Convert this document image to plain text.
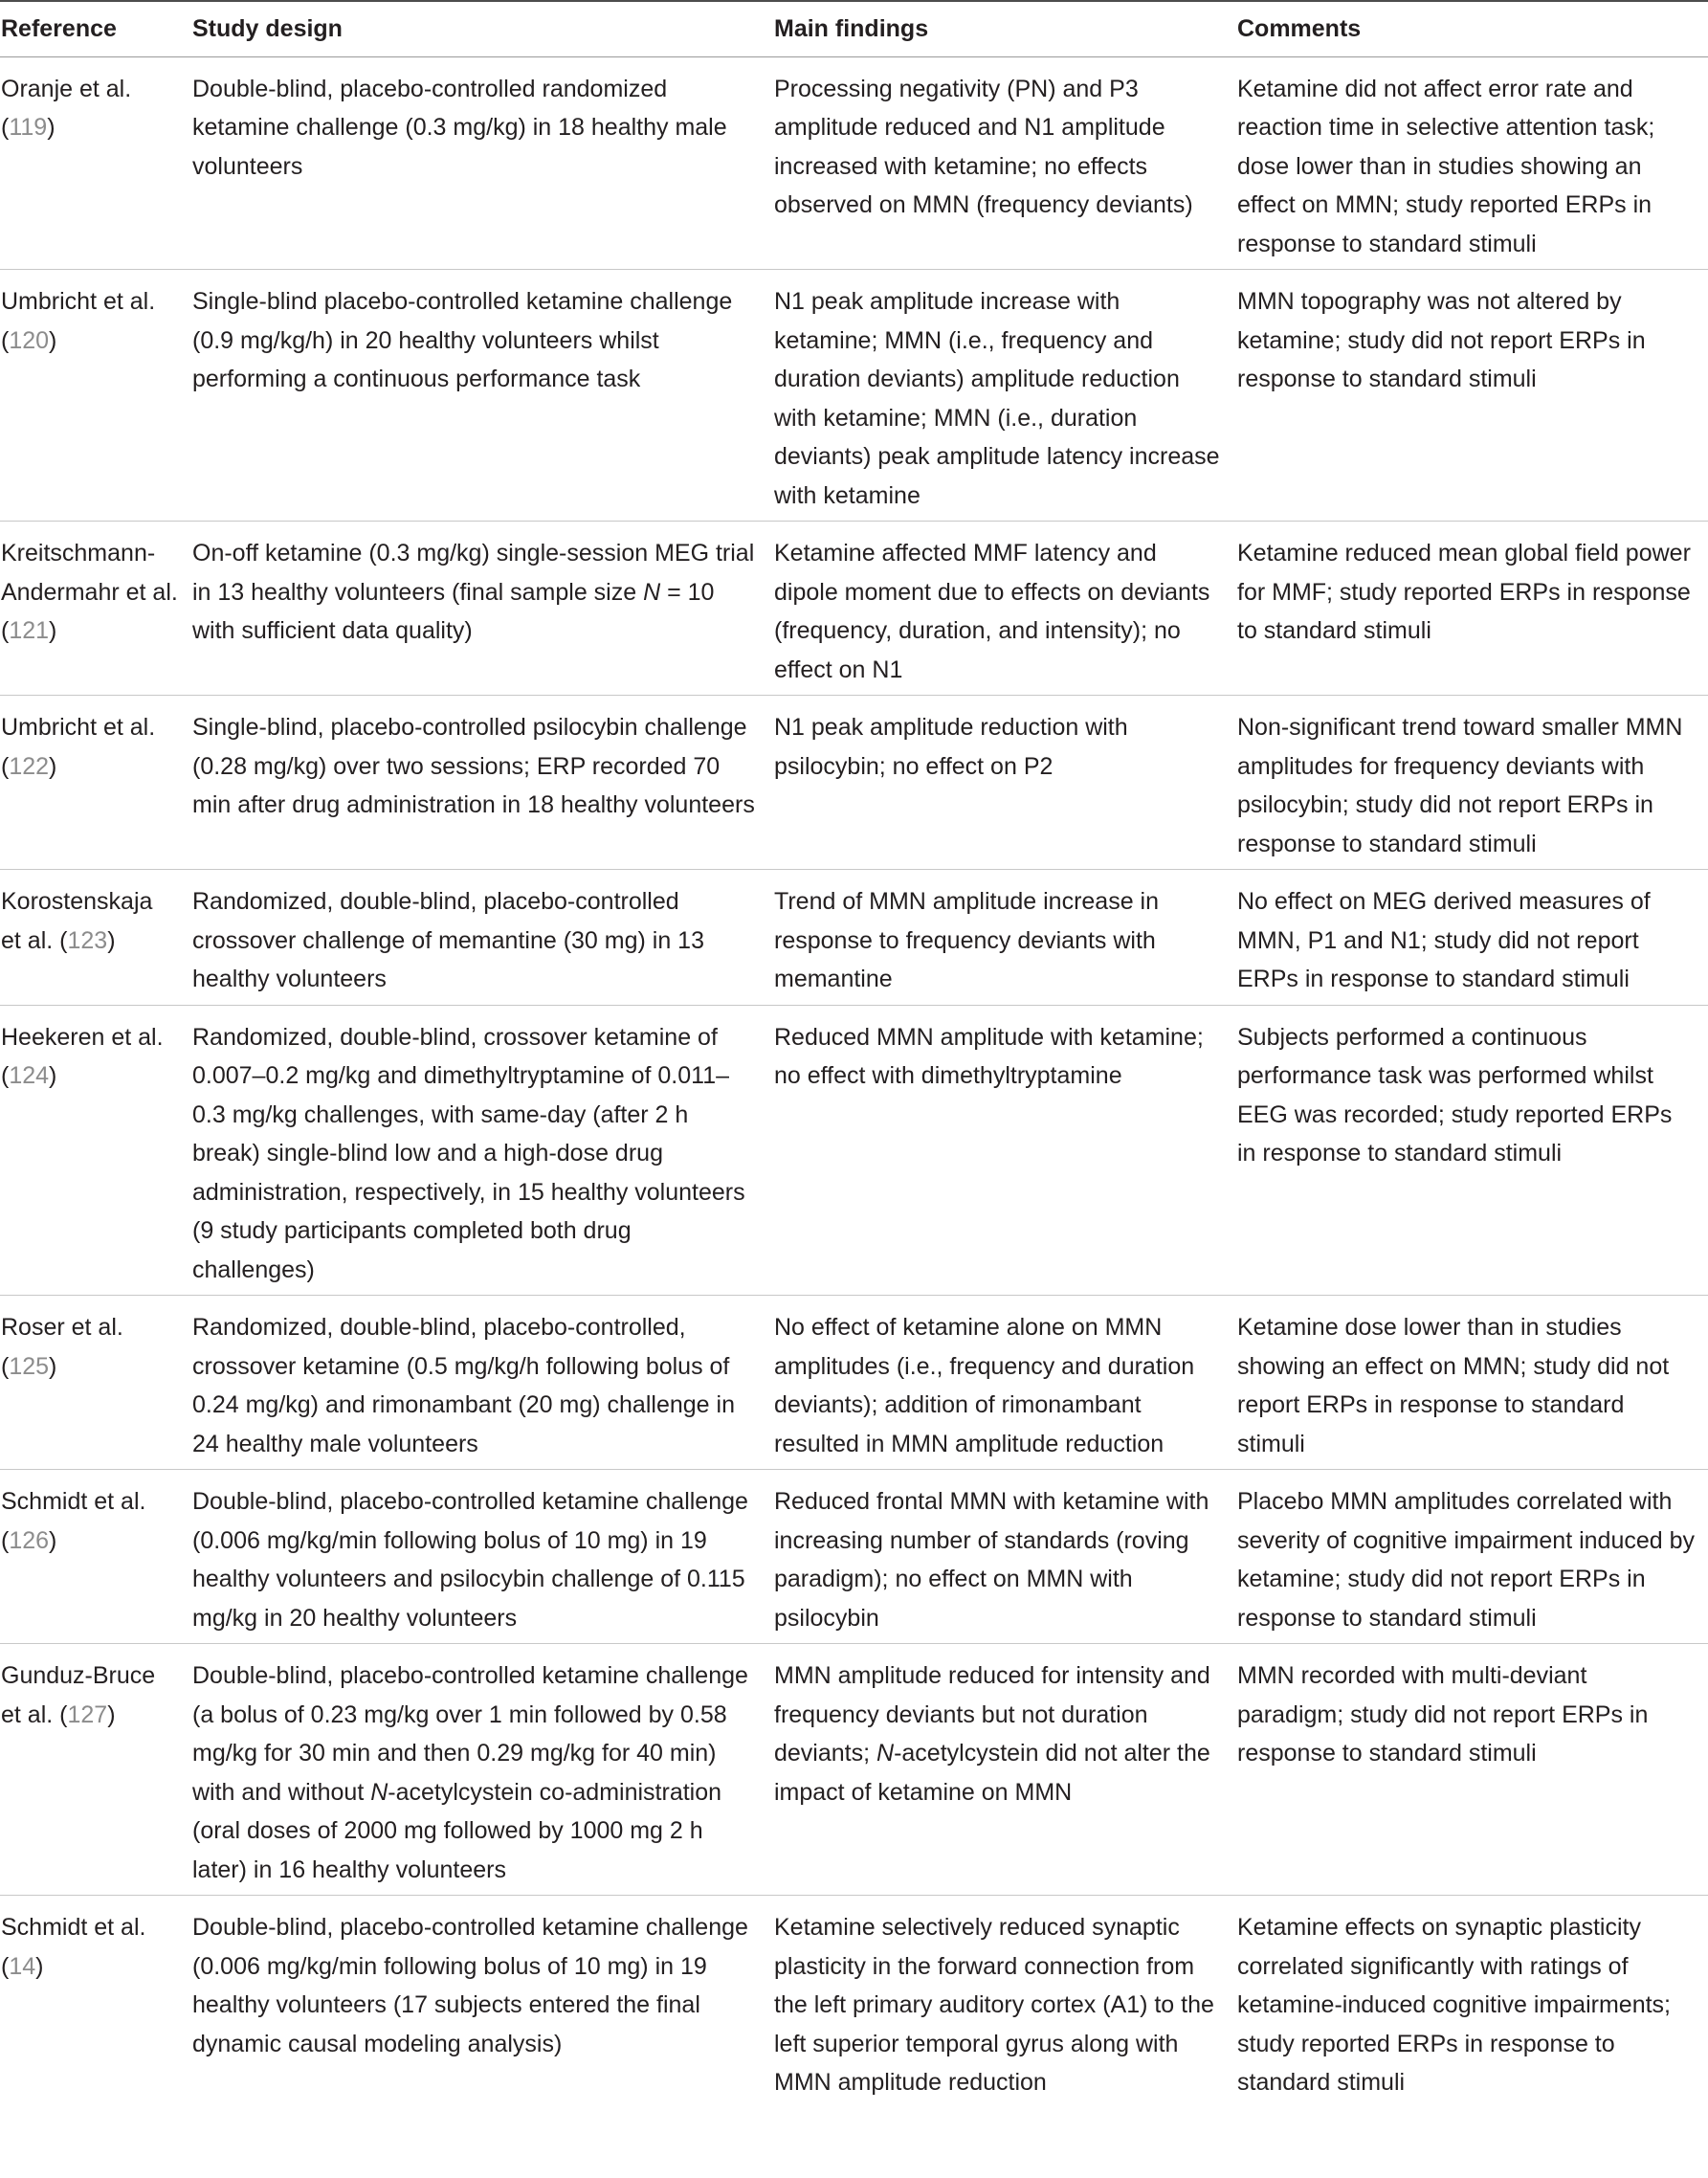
Reference	Study design	Main findings	Comments
Oranje et al. (119)	Double-blind, placebo-controlled randomized ketamine challenge (0.3 mg/kg) in 18 healthy male volunteers	Processing negativity (PN) and P3 amplitude reduced and N1 amplitude increased with ketamine; no effects observed on MMN (frequency deviants)	Ketamine did not affect error rate and reaction time in selective attention task; dose lower than in studies showing an effect on MMN; study reported ERPs in response to standard stimuli
Umbricht et al. (120)	Single-blind placebo-controlled ketamine challenge (0.9 mg/kg/h) in 20 healthy volunteers whilst performing a continuous performance task	N1 peak amplitude increase with ketamine; MMN (i.e., frequency and duration deviants) amplitude reduction with ketamine; MMN (i.e., duration deviants) peak amplitude latency increase with ketamine	MMN topography was not altered by ketamine; study did not report ERPs in response to standard stimuli
Kreitschmann-Andermahr et al. (121)	On-off ketamine (0.3 mg/kg) single-session MEG trial in 13 healthy volunteers (final sample size N = 10 with sufficient data quality)	Ketamine affected MMF latency and dipole moment due to effects on deviants (frequency, duration, and intensity); no effect on N1	Ketamine reduced mean global field power for MMF; study reported ERPs in response to standard stimuli
Umbricht et al. (122)	Single-blind, placebo-controlled psilocybin challenge (0.28 mg/kg) over two sessions; ERP recorded 70 min after drug administration in 18 healthy volunteers	N1 peak amplitude reduction with psilocybin; no effect on P2	Non-significant trend toward smaller MMN amplitudes for frequency deviants with psilocybin; study did not report ERPs in response to standard stimuli
Korostenskaja et al. (123)	Randomized, double-blind, placebo-controlled crossover challenge of memantine (30 mg) in 13 healthy volunteers	Trend of MMN amplitude increase in response to frequency deviants with memantine	No effect on MEG derived measures of MMN, P1 and N1; study did not report ERPs in response to standard stimuli
Heekeren et al. (124)	Randomized, double-blind, crossover ketamine of 0.007–0.2 mg/kg and dimethyltryptamine of 0.011–0.3 mg/kg challenges, with same-day (after 2 h break) single-blind low and a high-dose drug administration, respectively, in 15 healthy volunteers (9 study participants completed both drug challenges)	Reduced MMN amplitude with ketamine; no effect with dimethyltryptamine	Subjects performed a continuous performance task was performed whilst EEG was recorded; study reported ERPs in response to standard stimuli
Roser et al. (125)	Randomized, double-blind, placebo-controlled, crossover ketamine (0.5 mg/kg/h following bolus of 0.24 mg/kg) and rimonambant (20 mg) challenge in 24 healthy male volunteers	No effect of ketamine alone on MMN amplitudes (i.e., frequency and duration deviants); addition of rimonambant resulted in MMN amplitude reduction	Ketamine dose lower than in studies showing an effect on MMN; study did not report ERPs in response to standard stimuli
Schmidt et al. (126)	Double-blind, placebo-controlled ketamine challenge (0.006 mg/kg/min following bolus of 10 mg) in 19 healthy volunteers and psilocybin challenge of 0.115 mg/kg in 20 healthy volunteers	Reduced frontal MMN with ketamine with increasing number of standards (roving paradigm); no effect on MMN with psilocybin	Placebo MMN amplitudes correlated with severity of cognitive impairment induced by ketamine; study did not report ERPs in response to standard stimuli
Gunduz-Bruce et al. (127)	Double-blind, placebo-controlled ketamine challenge (a bolus of 0.23 mg/kg over 1 min followed by 0.58 mg/kg for 30 min and then 0.29 mg/kg for 40 min) with and without N-acetylcystein co-administration (oral doses of 2000 mg followed by 1000 mg 2 h later) in 16 healthy volunteers	MMN amplitude reduced for intensity and frequency deviants but not duration deviants; N-acetylcystein did not alter the impact of ketamine on MMN	MMN recorded with multi-deviant paradigm; study did not report ERPs in response to standard stimuli
Schmidt et al. (14)	Double-blind, placebo-controlled ketamine challenge (0.006 mg/kg/min following bolus of 10 mg) in 19 healthy volunteers (17 subjects entered the final dynamic causal modeling analysis)	Ketamine selectively reduced synaptic plasticity in the forward connection from the left primary auditory cortex (A1) to the left superior temporal gyrus along with MMN amplitude reduction	Ketamine effects on synaptic plasticity correlated significantly with ratings of ketamine-induced cognitive impairments; study reported ERPs in response to standard stimuli
